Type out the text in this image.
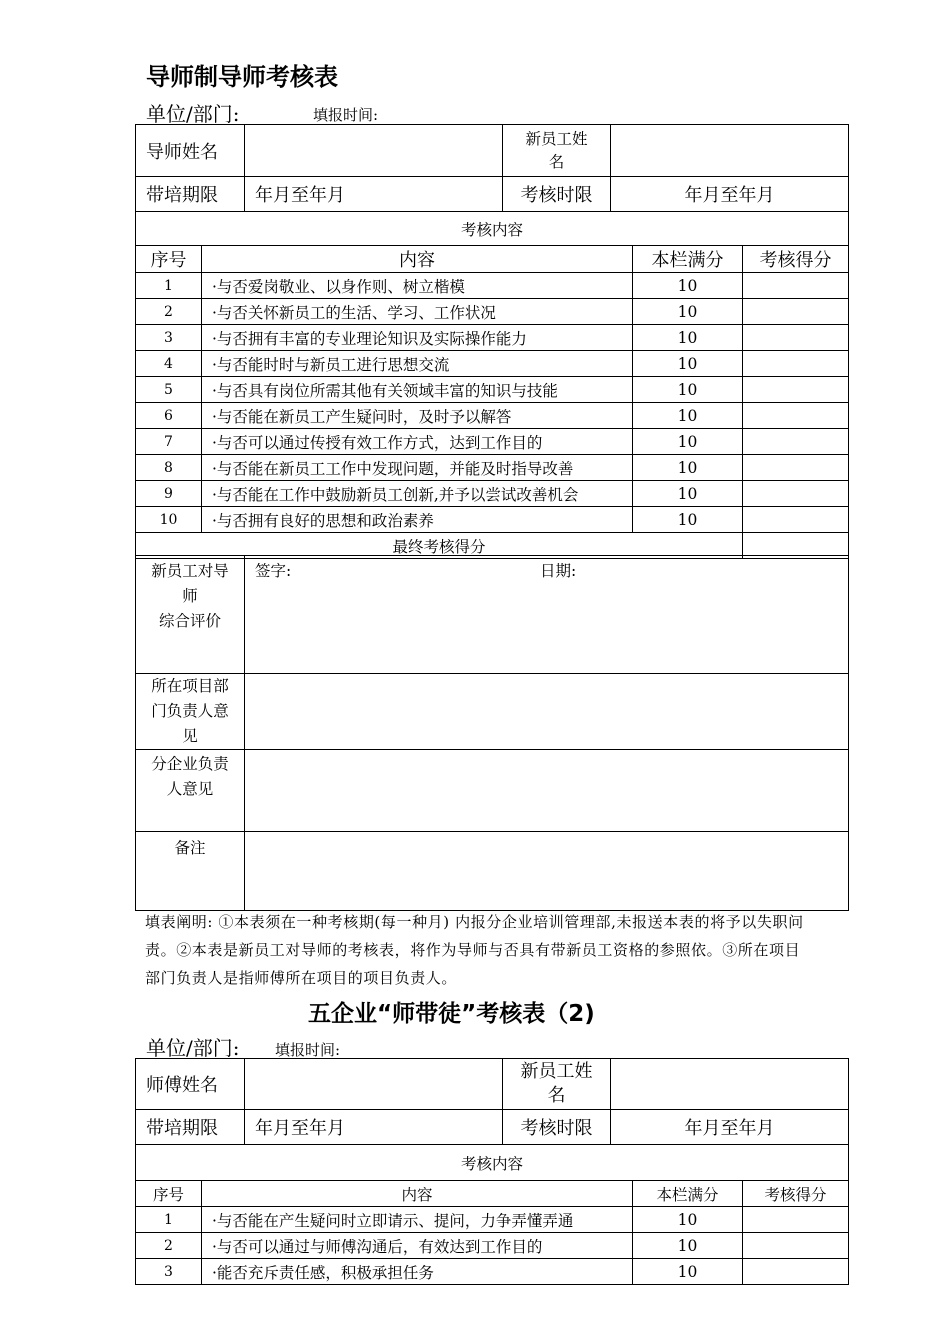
导师制导师考核表
单位/部门:	填报时间:
导师姓名		新员工姓名	
带培期限	年月至年月	考核时限	年月至年月
考核内容			
序号	内容	本栏满分	考核得分
1	·与否爱岗敬业、以身作则、树立楷模	10	
2	·与否关怀新员工的生活、学习、工作状况	10	
3	·与否拥有丰富的专业理论知识及实际操作能力	10	
4	·与否能时时与新员工进行思想交流	10	
5	·与否具有岗位所需其他有关领域丰富的知识与技能	10	
6	·与否能在新员工产生疑问时，及时予以解答	10	
7	·与否可以通过传授有效工作方式，达到工作目的	10	
8	·与否能在新员工工作中发现问题，并能及时指导改善	10	
9	·与否能在工作中鼓励新员工创新,并予以尝试改善机会	10	
10	·与否拥有良好的思想和政治素养	10	
最终考核得分			
新员工对导师
综合评价	签字: 日期:

所在项目部门负责人意见	
分企业负责人意见	
备注	
填表阐明: ①本表须在一种考核期(每一种月) 内报分企业培训管理部,未报送本表的将予以失职问责。②本表是新员工对导师的考核表，将作为导师与否具有带新员工资格的参照依。③所在项目部门负责人是指师傅所在项目的项目负责人。
五企业“师带徒”考核表（2)
单位/部门: 填报时间:
师傅姓名		新员工姓名	
带培期限	年月至年月	考核时限	年月至年月
考核内容			
序号	内容	本栏满分	考核得分
1	·与否能在产生疑问时立即请示、提问，力争弄懂弄通	10	
2	·与否可以通过与师傅沟通后，有效达到工作目的	10	
3	·能否充斥责任感，积极承担任务	10	
